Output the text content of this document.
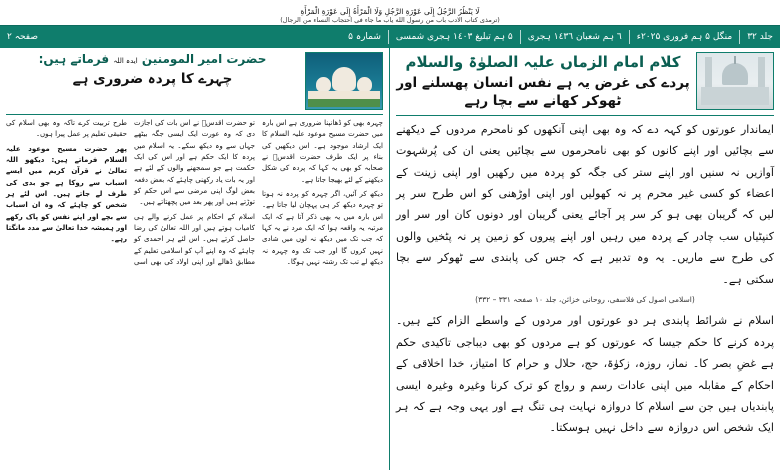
لَا يَنْظُرُ الرَّجُلُ إِلَى عَوْرَةِ الرَّجُلِ وَلَا الْمَرْأَةُ إِلَى عَوْرَةِ الْمَرْأَةِ
(ترمذی کتاب الادب باب من رسول الله یاب ما جاء فی احتجاب النساء من الرجال)
جلد ۳۲
منگل ۵ ہم فروری ۲۰۲۵ء
٦ ہم شعبان ١٤٣٦ ہجری
۵ ہم تبلیغ ١٤٠٣ ہجری شمسی
شمارہ ۵
صفحہ ۲
کلام امام الزماں علیہ الصلوٰۃ والسلام
پردے کی غرض یہ ہے نفس انسان پھسلنے اور ٹھوکر کھانے سے بچا رہے

ایماندار عورتوں کو کہہ دے کہ وہ بھی اپنی آنکھوں کو نامحرم مردوں کے دیکھنے سے بچائیں اور اپنے کانوں کو بھی نامحرموں سے بچائیں یعنی ان کی پُرشہوت آوازیں نہ سنیں اور اپنے ستر کی جگہ کو پردہ میں رکھیں اور اپنی زینت کے اعضاء کو کسی غیر محرم پر نہ کھولیں اور اپنی اوڑھنی کو اس طرح سر پر لیں کہ گریبان بھی ہو کر سر پر آجائے یعنی گریبان اور دونوں کان اور سر اور کنپٹیاں سب چادر کے پردہ میں رہیں اور اپنے پیروں کو زمین پر نہ پٹخیں والوں کی طرح سے ماریں۔ یہ وہ تدبیر ہے کہ جس کی پابندی سے ٹھوکر سے بچا سکتی ہے۔

(اسلامی اصول کی فلاسفی، روحانی خزائن، جلد ۱۰ صفحہ ۳۳۱ – ۳۳۲)

اسلام نے شرائط پابندی ہر دو عورتوں اور مردوں کے واسطے الزام کئے ہیں۔ پردہ کرنے کا حکم جیسا کہ عورتوں کو ہے مردوں کو بھی دیباجی تاکیدی حکم ہے غضِ بصر کا۔ نماز، روزہ، زکوٰۃ، حج، حلال و حرام کا امتیاز، خدا اخلاقی کے احکام کے مقابلہ میں اپنی عادات رسم و رواج کو ترک کرنا وغیرہ وغیرہ ایسی پابندیاں ہیں جن سے اسلام کا دروازہ نہایت ہی تنگ ہے اور یہی وجہ ہے کہ ہر ایک شخص اس دروازہ سے داخل نہیں ہوسکتا۔

حضرت امیر المومنین ایدہ اللہ فرماتے ہیں:
چہرے کا پردہ ضروری ہے

چہرہ بھی کو ڈھانپنا ضروری ہے اس بارہ میں حضرت مسیح موعود علیہ السلام کا ایک ارشاد موجود ہے۔ اس دیکھیں کی بناء پر ایک طرف حضرت اقدسؑ نے صحابہ کو بھی یہ کہا کہ پردہ کی شکل دیکھنے کے لئے بھیجا جاتا ہے۔

دیکھ کر آئیں، اگر چہرہ کو پردہ نہ ہوتا تو چہرہ دیکھ کر ہی پہچان لیا جاتا ہے۔ اس بارہ میں یہ بھی ذکر آتا ہے کہ ایک مرتبہ یہ واقعہ ہوا کہ ایک مرد نے یہ کہا کہ جب تک میں دیکھ نہ لوں میں شادی نہیں کروں گا اور جب تک وہ چہرہ نہ دیکھ لے تب تک رشتہ نہیں ہوگا۔

تو حضرت اقدسؑ نے اس بات کی اجازت دی کہ وہ عورت ایک ایسی جگہ بیٹھے جہاں سے وہ دیکھ سکے۔ یہ اسلام میں پردہ کا ایک حکم ہے اور اس کی ایک حکمت ہے جو سمجھنے والوں کے لئے ہے اور یہ بات یاد رکھنی چاہئے کہ بعض دفعہ بعض لوگ اپنی مرضی سے اس حکم کو توڑتے ہیں اور پھر بعد میں پچھتاتے ہیں۔

اسلام کے احکام پر عمل کرنے والے ہی کامیاب ہوتے ہیں اور اللہ تعالیٰ کی رضا حاصل کرتے ہیں۔ اس لئے ہر احمدی کو چاہئے کہ وہ اپنے آپ کو اسلامی تعلیم کے مطابق ڈھالے اور اپنی اولاد کی بھی اسی طرح تربیت کرے تاکہ وہ بھی اسلام کی حقیقی تعلیم پر عمل پیرا ہوں۔

پھر حضرت مسیح موعود علیہ السلام فرماتے ہیں: دیکھو اللہ تعالیٰ نے قرآن کریم میں ایسے اسباب سے روکا ہے جو بدی کی طرف لے جاتے ہیں۔ اس لئے ہر شخص کو چاہئے کہ وہ ان اسباب سے بچے اور اپنے نفس کو پاک رکھے اور ہمیشہ خدا تعالیٰ سے مدد مانگتا رہے۔
